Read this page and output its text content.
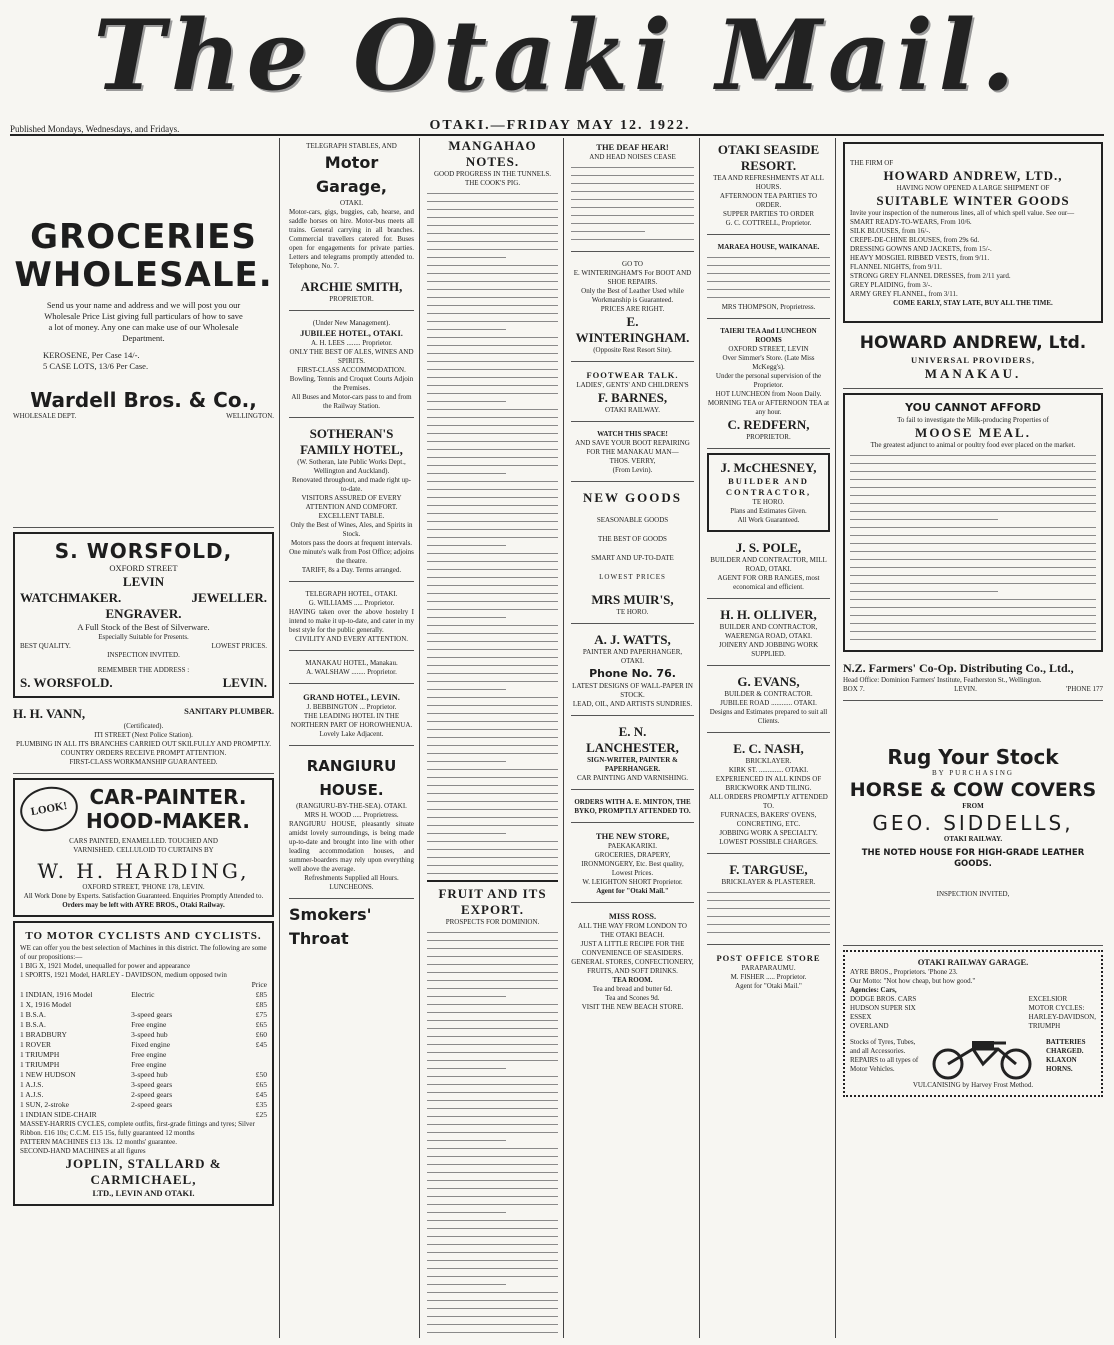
The Otaki Mail.
Published Mondays, Wednesdays, and Fridays.	OTAKI.—FRIDAY MAY 12. 1922.
GROCERIES
WHOLESALE.
Send us your name and address and we will post you our Wholesale Price List giving full particulars of how to save a lot of money. Any one can make use of our Wholesale Department.
KEROSENE, Per Case 14/-.
5 CASE LOTS, 13/6 Per Case.
Wardell Bros. & Co.,
WHOLESALE DEPT.	WELLINGTON.
S. WORSFOLD,
OXFORD STREET
LEVIN
WATCHMAKER.	JEWELLER.
ENGRAVER.
A Full Stock of the Best of Silverware.
Especially Suitable for Presents.
BEST QUALITY.	LOWEST PRICES.
INSPECTION INVITED.
REMEMBER THE ADDRESS :
S. WORSFOLD.	LEVIN.
H. H. VANN,	SANITARY PLUMBER.
(Certificated).
ITI STREET (Next Police Station).
PLUMBING IN ALL ITS BRANCHES CARRIED OUT SKILFULLY AND PROMPTLY.
COUNTRY ORDERS RECEIVE PROMPT ATTENTION.
FIRST-CLASS WORKMANSHIP GUARANTEED.
LOOK!
CAR-PAINTER.
HOOD-MAKER.
CARS PAINTED, ENAMELLED. TOUCHED AND VARNISHED. CELLULOID TO CURTAINS BY
W. H. HARDING,
OXFORD STREET, 'PHONE 178, LEVIN.
All Work Done by Experts. Satisfaction Guaranteed. Enquiries Promptly Attended to.
Orders may be left with AYRE BROS., Otaki Railway.
TO MOTOR CYCLISTS AND CYCLISTS.
WE can offer you the best selection of Machines in this district. The following are some of our propositions:—
1 BIG X, 1921 Model, unequalled for power and appearance
1 SPORTS, 1921 Model, HARLEY - DAVIDSON, medium opposed twin
Price
1 INDIAN, 1916 Model	Electric	£85
1 X, 1916 Model	£85
1 B.S.A.	3-speed gears	£75
1 B.S.A.	Free engine	£65
1 BRADBURY	3-speed hub	£60
1 ROVER	Fixed engine	£45
1 TRIUMPH	Free engine
1 TRIUMPH	Free engine
1 NEW HUDSON	3-speed hub	£50
1 A.J.S.	3-speed gears	£65
1 A.J.S.	2-speed gears	£45
1 SUN, 2-stroke	2-speed gears	£35
1 INDIAN SIDE-CHAIR	£25
MASSEY-HARRIS CYCLES, complete outfits, first-grade fittings and tyres; Silver Ribbon. £16 10s; C.C.M. £15 15s, fully guaranteed 12 months
PATTERN MACHINES £13 13s. 12 months' guarantee.
SECOND-HAND MACHINES at all figures
JOPLIN, STALLARD & CARMICHAEL,
LTD., LEVIN AND OTAKI.
TELEGRAPH STABLES, AND
Motor Garage,
OTAKI.
Motor-cars, gigs, buggies, cab, hearse, and saddle horses on hire. Motor-bus meets all trains. General carrying in all branches. Commercial travellers catered for. Buses open for engagements for private parties. Letters and telegrams promptly attended to. Telephone, No. 7.
ARCHIE SMITH,
PROPRIETOR.
(Under New Management).
JUBILEE HOTEL, OTAKI.
A. H. LEES ........ Proprietor.
ONLY THE BEST OF ALES, WINES AND SPIRITS.
FIRST-CLASS ACCOMMODATION.
Bowling, Tennis and Croquet Courts Adjoin the Premises.
All Buses and Motor-cars pass to and from the Railway Station.
SOTHERAN'S FAMILY HOTEL,
(W. Sotheran, late Public Works Dept., Wellington and Auckland).
Renovated throughout, and made right up-to-date.
VISITORS ASSURED OF EVERY ATTENTION AND COMFORT.
EXCELLENT TABLE.
Only the Best of Wines, Ales, and Spirits in Stock.
Motors pass the doors at frequent intervals.
One minute's walk from Post Office; adjoins the theatre.
TARIFF, 8s a Day. Terms arranged.
TELEGRAPH HOTEL, OTAKI.
G. WILLIAMS ..... Proprietor.
HAVING taken over the above hostelry I intend to make it up-to-date, and cater in my best style for the public generally.
CIVILITY AND EVERY ATTENTION.
MANAKAU HOTEL, Manakau.
A. WALSHAW ........ Proprietor.
GRAND HOTEL, LEVIN.
J. BEBBINGTON ... Proprietor.
THE LEADING HOTEL IN THE NORTHERN PART OF HOROWHENUA.
Lovely Lake Adjacent.
RANGIURU HOUSE.
(RANGIURU-BY-THE-SEA). OTAKI.
MRS H. WOOD ..... Proprietress.
RANGIURU HOUSE, pleasantly situate amidst lovely surroundings, is being made up-to-date and brought into line with other leading accommodation houses, and summer-boarders may rely upon everything well above the average.
Refreshments Supplied all Hours. LUNCHEONS.
Smokers' Throat
MANGAHAO NOTES.
GOOD PROGRESS IN THE TUNNELS.
THE COOK'S PIG.
FRUIT AND ITS EXPORT.
PROSPECTS FOR DOMINION.
THE DEAF HEAR!
AND HEAD NOISES CEASE
GO TO
E. WINTERINGHAM'S For BOOT AND SHOE REPAIRS.
Only the Best of Leather Used while Workmanship is Guaranteed.
PRICES ARE RIGHT.
E. WINTERINGHAM.
(Opposite Rest Resort Site).
FOOTWEAR TALK.
LADIES', GENTS' AND CHILDREN'S
F. BARNES,
OTAKI RAILWAY.
WATCH THIS SPACE!
AND SAVE YOUR BOOT REPAIRING FOR THE MANAKAU MAN—
THOS. VERRY,
(From Levin).
NEW GOODS
SEASONABLE GOODS
THE BEST OF GOODS
SMART AND UP-TO-DATE
LOWEST PRICES
MRS MUIR'S,
TE HORO.
A. J. WATTS,
PAINTER AND PAPERHANGER, OTAKI.
Phone No. 76.
LATEST DESIGNS OF WALL-PAPER IN STOCK.
LEAD, OIL, AND ARTISTS SUNDRIES.
E. N. LANCHESTER,
SIGN-WRITER, PAINTER & PAPERHANGER.
CAR PAINTING AND VARNISHING.
ORDERS WITH A. E. MINTON, THE BYKO, PROMPTLY ATTENDED TO.
THE NEW STORE,
PAEKAKARIKI.
GROCERIES, DRAPERY, IRONMONGERY, Etc. Best quality, Lowest Prices.
W. LEIGHTON SHORT Proprietor.
Agent for "Otaki Mail."
MISS ROSS.
ALL THE WAY FROM LONDON TO THE OTAKI BEACH.
JUST A LITTLE RECIPE FOR THE CONVENIENCE OF SEASIDERS.
GENERAL STORES, CONFECTIONERY, FRUITS, AND SOFT DRINKS.
TEA ROOM.
Tea and bread and butter 6d.
Tea and Scones 9d.
VISIT THE NEW BEACH STORE.
OTAKI SEASIDE RESORT.
TEA AND REFRESHMENTS AT ALL HOURS.
AFTERNOON TEA PARTIES TO ORDER.
SUPPER PARTIES TO ORDER
G. C. COTTRELL, Proprietor.
MARAEA HOUSE, WAIKANAE.
MRS THOMPSON, Proprietress.
TAIERI TEA And LUNCHEON ROOMS
OXFORD STREET, LEVIN
Over Simmer's Store. (Late Miss McKegg's).
Under the personal supervision of the Proprietor.
HOT LUNCHEON from Noon Daily. MORNING TEA or AFTERNOON TEA at any hour.
C. REDFERN,
PROPRIETOR.
J. McCHESNEY,
BUILDER AND CONTRACTOR,
TE HORO.
Plans and Estimates Given.
All Work Guaranteed.
J. S. POLE,
BUILDER AND CONTRACTOR, MILL ROAD, OTAKI.
AGENT FOR ORB RANGES, most economical and efficient.
H. H. OLLIVER,
BUILDER AND CONTRACTOR, WAERENGA ROAD, OTAKI.
JOINERY AND JOBBING WORK SUPPLIED.
G. EVANS,
BUILDER & CONTRACTOR.
JUBILEE ROAD ............ OTAKI.
Designs and Estimates prepared to suit all Clients.
E. C. NASH,
BRICKLAYER.
KIRK ST. .............. OTAKI.
EXPERIENCED IN ALL KINDS OF BRICKWORK AND TILING.
ALL ORDERS PROMPTLY ATTENDED TO.
FURNACES, BAKERS' OVENS, CONCRETING, ETC.
JOBBING WORK A SPECIALTY.
LOWEST POSSIBLE CHARGES.
F. TARGUSE,
BRICKLAYER & PLASTERER.
POST OFFICE STORE
PARAPARAUMU.
M. FISHER ..... Proprietor.
Agent for "Otaki Mail."
THE FIRM OF
HOWARD ANDREW, LTD.,
HAVING NOW OPENED A LARGE SHIPMENT OF
SUITABLE WINTER GOODS
Invite your inspection of the numerous lines, all of which spell value. See our—
SMART READY-TO-WEARS, From 10/6.
SILK BLOUSES, from 16/-.
CREPE-DE-CHINE BLOUSES, from 29s 6d.
DRESSING GOWNS AND JACKETS, from 15/-.
HEAVY MOSGIEL RIBBED VESTS, from 9/11.
FLANNEL NIGHTS, from 9/11.
STRONG GREY FLANNEL DRESSES, from 2/11 yard.
GREY PLAIDING, from 3/-.
ARMY GREY FLANNEL, from 3/11.
COME EARLY, STAY LATE, BUY ALL THE TIME.
HOWARD ANDREW, Ltd.
UNIVERSAL PROVIDERS,
MANAKAU.
YOU CANNOT AFFORD
To fail to investigate the Milk-producing Properties of
MOOSE MEAL.
The greatest adjunct to animal or poultry food ever placed on the market.
N.Z. Farmers' Co-Op. Distributing Co., Ltd.,
Head Office: Dominion Farmers' Institute, Featherston St., Wellington.
BOX 7.	LEVIN.	'PHONE 177
Rug Your Stock
BY PURCHASING
HORSE & COW COVERS
FROM
GEO. SIDDELLS,
OTAKI RAILWAY.
THE NOTED HOUSE FOR HIGH-GRADE LEATHER GOODS.
INSPECTION INVITED,
OTAKI RAILWAY GARAGE.
AYRE BROS., Proprietors. 'Phone 23.
Our Motto: "Not how cheap, but how good."
Agencies: Cars,
DODGE BROS. CARS
HUDSON SUPER SIX
ESSEX
OVERLAND
EXCELSIOR
MOTOR CYCLES:
HARLEY-DAVIDSON,
TRIUMPH
Stocks of Tyres, Tubes, and all Accessories.
REPAIRS to all types of Motor Vehicles.
BATTERIES CHARGED.
KLAXON HORNS.
VULCANISING by Harvey Frost Method.
